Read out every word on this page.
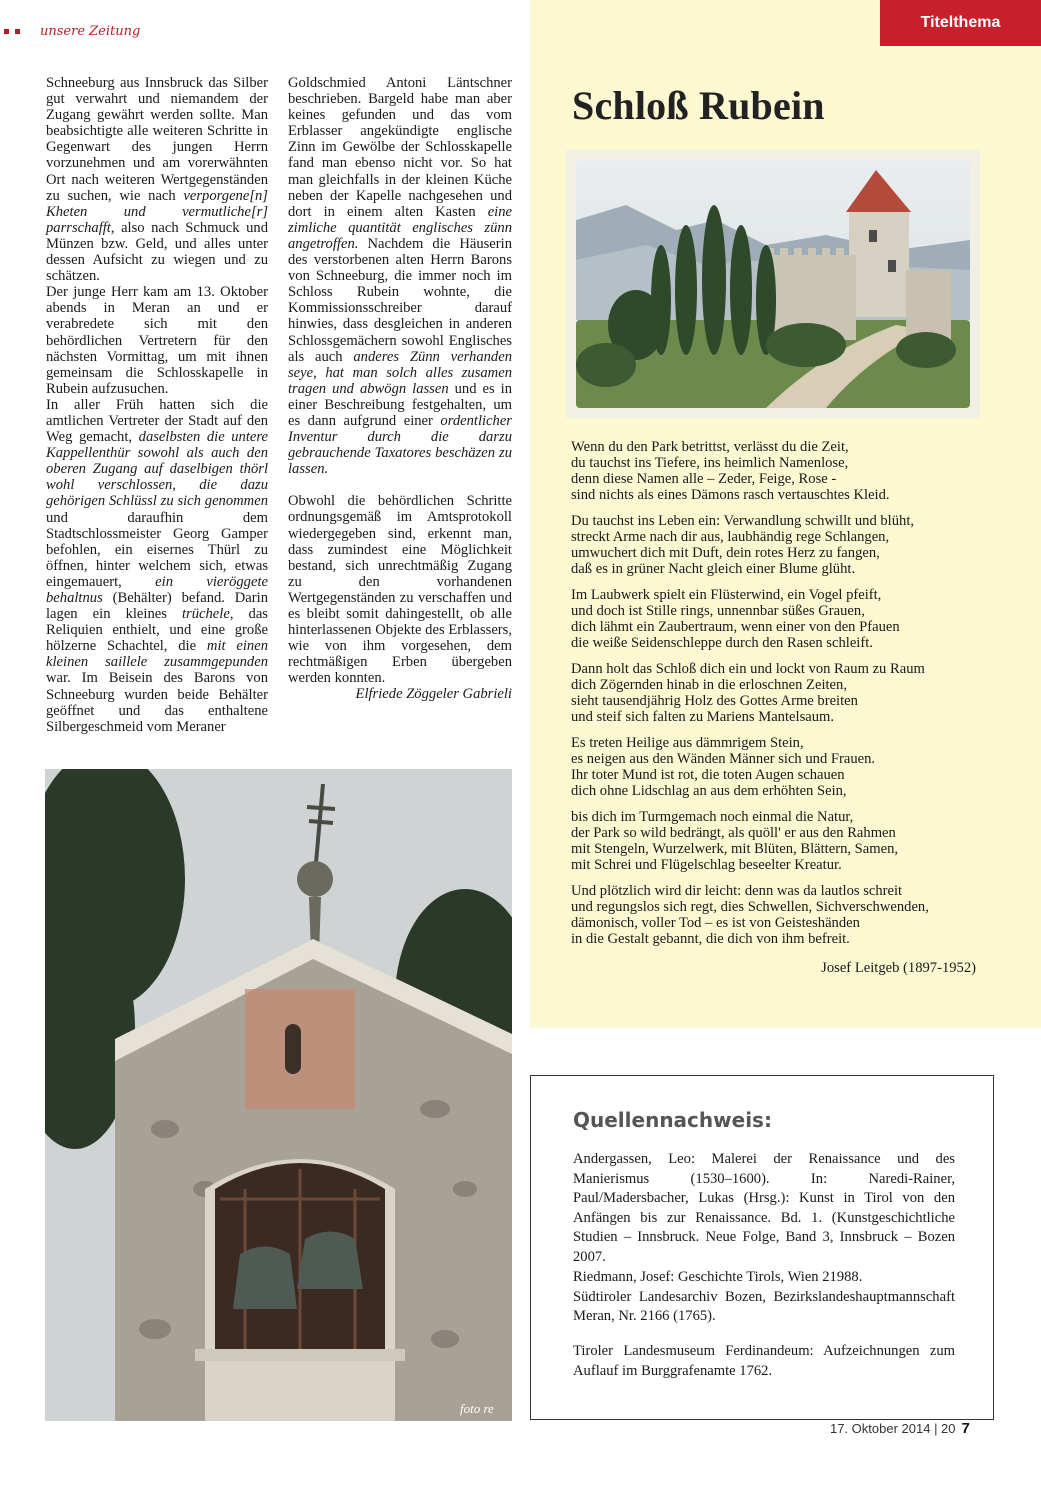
unsere Zeitung

Schneeburg aus Innsbruck das Silber gut verwahrt und niemandem der Zugang gewährt werden sollte. Man beabsichtigte alle weiteren Schritte in Gegenwart des jungen Herrn vorzunehmen und am vorerwähnten Ort nach weiteren Wertgegenständen zu suchen, wie nach verporgene[n] Kheten und vermutliche[r] parrschafft, also nach Schmuck und Münzen bzw. Geld, und alles unter dessen Aufsicht zu wiegen und zu schätzen.

Der junge Herr kam am 13. Oktober abends in Meran an und er verabredete sich mit den behördlichen Vertretern für den nächsten Vormittag, um mit ihnen gemeinsam die Schlosskapelle in Rubein aufzusuchen.

In aller Früh hatten sich die amtlichen Vertreter der Stadt auf den Weg gemacht, daselbsten die untere Kappellenthür sowohl als auch den oberen Zugang auf daselbigen thörl wohl verschlossen, die dazu gehörigen Schlüssl zu sich genommen und daraufhin dem Stadtschlossmeister Georg Gamper befohlen, ein eisernes Thürl zu öffnen, hinter welchem sich, etwas eingemauert, ein vieröggete behaltnus (Behälter) befand. Darin lagen ein kleines trüchele, das Reliquien enthielt, und eine große hölzerne Schachtel, die mit einen kleinen saillele zusammgepunden war. Im Beisein des Barons von Schneeburg wurden beide Behälter geöffnet und das enthaltene Silbergeschmeid vom Meraner

Goldschmied Antoni Läntschner beschrieben. Bargeld habe man aber keines gefunden und das vom Erblasser angekündigte englische Zinn im Gewölbe der Schlosskapelle fand man ebenso nicht vor. So hat man gleichfalls in der kleinen Küche neben der Kapelle nachgesehen und dort in einem alten Kasten eine zimliche quantität englisches zünn angetroffen. Nachdem die Häuserin des verstorbenen alten Herrn Barons von Schneeburg, die immer noch im Schloss Rubein wohnte, die Kommissionsschreiber darauf hinwies, dass desgleichen in anderen Schlossgemächern sowohl Englisches als auch anderes Zünn verhanden seye, hat man solch alles zusamen tragen und abwögn lassen und es in einer Beschreibung festgehalten, um es dann aufgrund einer ordentlicher Inventur durch die darzu gebrauchende Taxatores beschäzen zu lassen.

Obwohl die behördlichen Schritte ordnungsgemäß im Amtsprotokoll wiedergegeben sind, erkennt man, dass zumindest eine Möglichkeit bestand, sich unrechtmäßig Zugang zu den vorhandenen Wertgegenständen zu verschaffen und es bleibt somit dahingestellt, ob alle hinterlassenen Objekte des Erblassers, wie von ihm vorgesehen, dem rechtmäßigen Erben übergeben werden konnten.

Elfriede Zöggeler Gabrieli

Titelthema
Schloß Rubein

Wenn du den Park betrittst, verlässt du die Zeit,
du tauchst ins Tiefere, ins heimlich Namenlose,
denn diese Namen alle – Zeder, Feige, Rose -
sind nichts als eines Dämons rasch vertauschtes Kleid.

Du tauchst ins Leben ein: Verwandlung schwillt und blüht,
streckt Arme nach dir aus, laubhändig rege Schlangen,
umwuchert dich mit Duft, dein rotes Herz zu fangen,
daß es in grüner Nacht gleich einer Blume glüht.

Im Laubwerk spielt ein Flüsterwind, ein Vogel pfeift,
und doch ist Stille rings, unnennbar süßes Grauen,
dich lähmt ein Zaubertraum, wenn einer von den Pfauen
die weiße Seidenschleppe durch den Rasen schleift.

Dann holt das Schloß dich ein und lockt von Raum zu Raum
dich Zögernden hinab in die erloschnen Zeiten,
sieht tausendjährig Holz des Gottes Arme breiten
und steif sich falten zu Mariens Mantelsaum.

Es treten Heilige aus dämmrigem Stein,
es neigen aus den Wänden Männer sich und Frauen.
Ihr toter Mund ist rot, die toten Augen schauen
dich ohne Lidschlag an aus dem erhöhten Sein,

bis dich im Turmgemach noch einmal die Natur,
der Park so wild bedrängt, als quöll' er aus den Rahmen
mit Stengeln, Wurzelwerk, mit Blüten, Blättern, Samen,
mit Schrei und Flügelschlag beseelter Kreatur.

Und plötzlich wird dir leicht: denn was da lautlos schreit
und regungslos sich regt, dies Schwellen, Sichverschwenden,
dämonisch, voller Tod – es ist von Geisteshänden
in die Gestalt gebannt, die dich von ihm befreit.

Josef Leitgeb (1897-1952)
foto re
Quellennachweis:

Andergassen, Leo: Malerei der Renaissance und des Manierismus (1530–1600). In: Naredi-Rainer, Paul/Madersbacher, Lukas (Hrsg.): Kunst in Tirol von den Anfängen bis zur Renaissance. Bd. 1. (Kunstgeschichtliche Studien – Innsbruck. Neue Folge, Band 3, Innsbruck – Bozen 2007.

Riedmann, Josef: Geschichte Tirols, Wien 21988.
Südtiroler Landesarchiv Bozen, Bezirkslandeshauptmannschaft Meran, Nr. 2166 (1765).

Tiroler Landesmuseum Ferdinandeum: Aufzeichnungen zum Auflauf im Burggrafenamte 1762.

17. Oktober 2014 | 20 7
